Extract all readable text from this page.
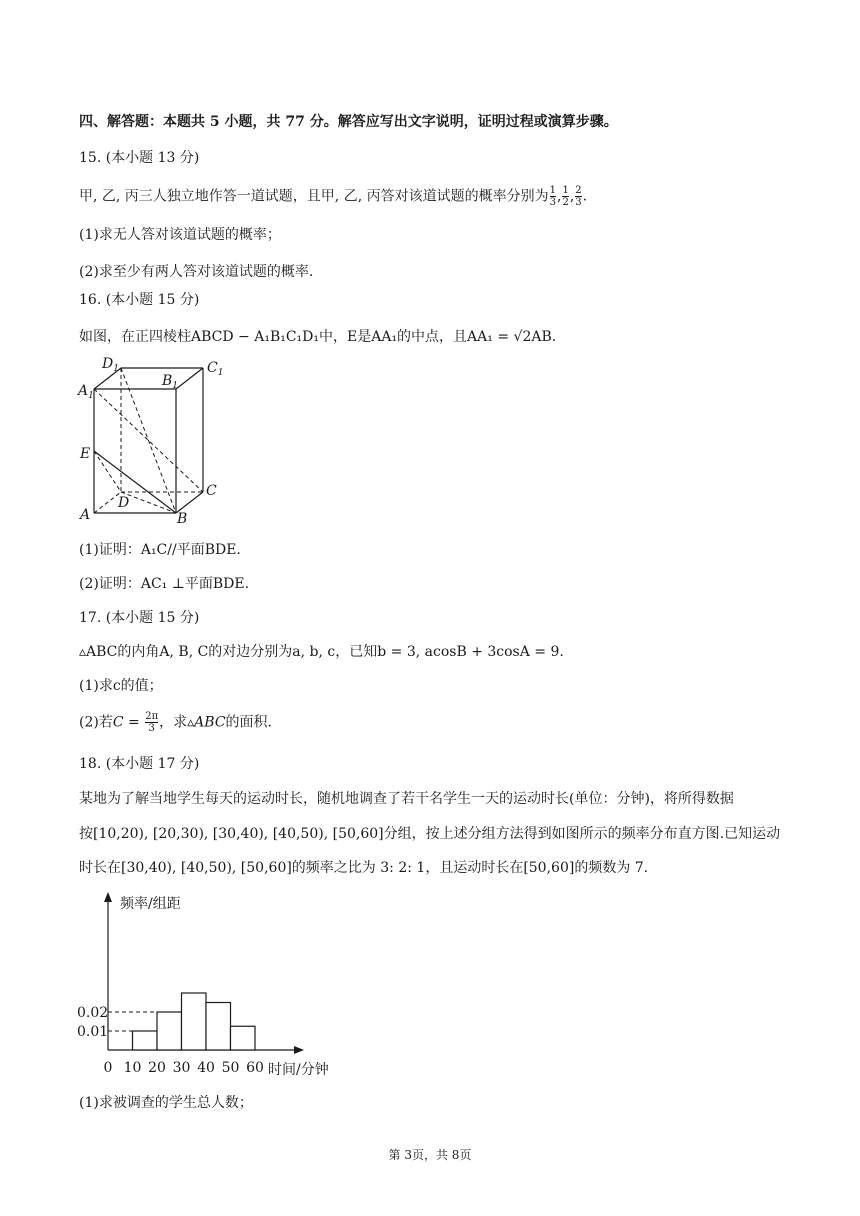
四、解答题：本题共 5 小题，共 77 分。解答应写出文字说明，证明过程或演算步骤。
15. (本小题 13 分)
甲, 乙, 丙三人独立地作答一道试题，且甲, 乙, 丙答对该道试题的概率分别为 $\frac{1}{3}$ , $\frac{1}{2}$ , $\frac{2}{3}$ .
(1)求无人答对该道试题的概率；
(2)求至少有两人答对该道试题的概率.
16. (本小题 15 分)
如图，在正四棱柱ABCD − A₁B₁C₁D₁中，E是AA₁的中点，且AA₁ = √2AB.
$D_1$	$C_1$
$B_1$
$A_1$
E
D
C
A	B
(1)证明：A₁C//平面BDE.
(2)证明：AC₁ ⊥平面BDE.
17. (本小题 15 分)
▵ABC的内角A, B, C的对边分别为a, b, c，已知b = 3, acosB + 3cosA = 9.
(1)求c的值；
(2)若$C = \frac{2\pi}{3}$ ，求▵ABC的面积.
18. (本小题 17 分)
某地为了解当地学生每天的运动时长，随机地调查了若干名学生一天的运动时长(单位：分钟)，将所得数据
按[10,20), [20,30), [30,40), [40,50), [50,60]分组，按上述分组方法得到如图所示的频率分布直方图.已知运动
时长在[30,40), [40,50), [50,60]的频率之比为 3: 2: 1，且运动时长在[50,60]的频数为 7.
0.02
0.01
0 10 20 30 40 50 60
频率/组距
时间/分钟
(1)求被调查的学生总人数；
第 3页，共 8页
